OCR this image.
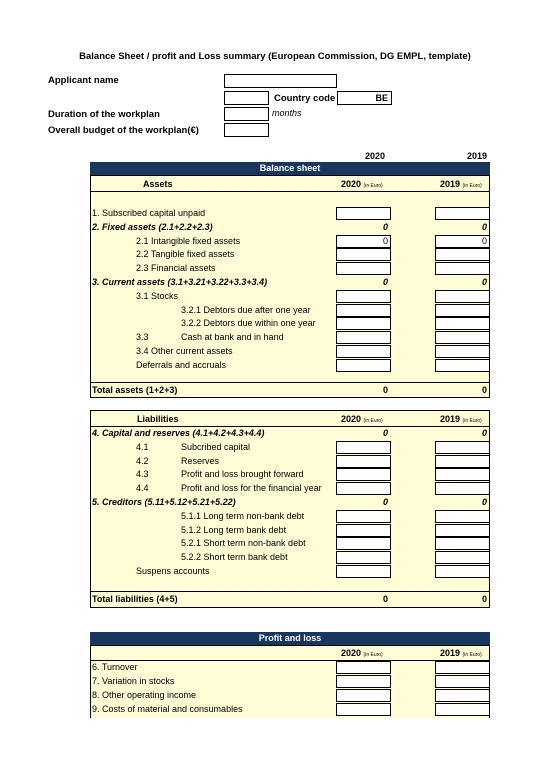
Balance Sheet / profit and Loss summary (European Commission, DG EMPL, template)
Applicant name
Country code	BE
Duration of the workplan	months
Overall budget of the workplan(€)
2020	2019
Balance sheet
Assets	2020 (in Euro)	2019 (in Euro)
1. Subscribed capital unpaid
2. Fixed assets (2.1+2.2+2.3)	0	0
2.1 Intangible fixed assets	0	0
2.2 Tangible fixed assets
2.3 Financial assets
3. Current assets (3.1+3.21+3.22+3.3+3.4)	0	0
3.1 Stocks
3.2.1 Debtors due after one year
3.2.2 Debtors due within one year
3.3	Cash at bank and in hand
3.4 Other current assets
Deferrals and accruals
Total assets (1+2+3)	0	0
Liabilities	2020 (in Euro)	2019 (in Euro)
4. Capital and reserves (4.1+4.2+4.3+4.4)	0	0
4.1	Subcribed capital
4.2	Reserves
4.3	Profit and loss brought forward
4.4	Profit and loss for the financial year
5. Creditors (5.11+5.12+5.21+5.22)	0	0
5.1.1 Long term non-bank debt
5.1.2 Long term bank debt
5.2.1 Short term non-bank debt
5.2.2 Short term bank debt
Suspens accounts
Total liabilities (4+5)	0	0
Profit and loss
2020 (in Euro)	2019 (in Euro)
6. Turnover
7. Variation in stocks
8. Other operating income
9. Costs of material and consumables
